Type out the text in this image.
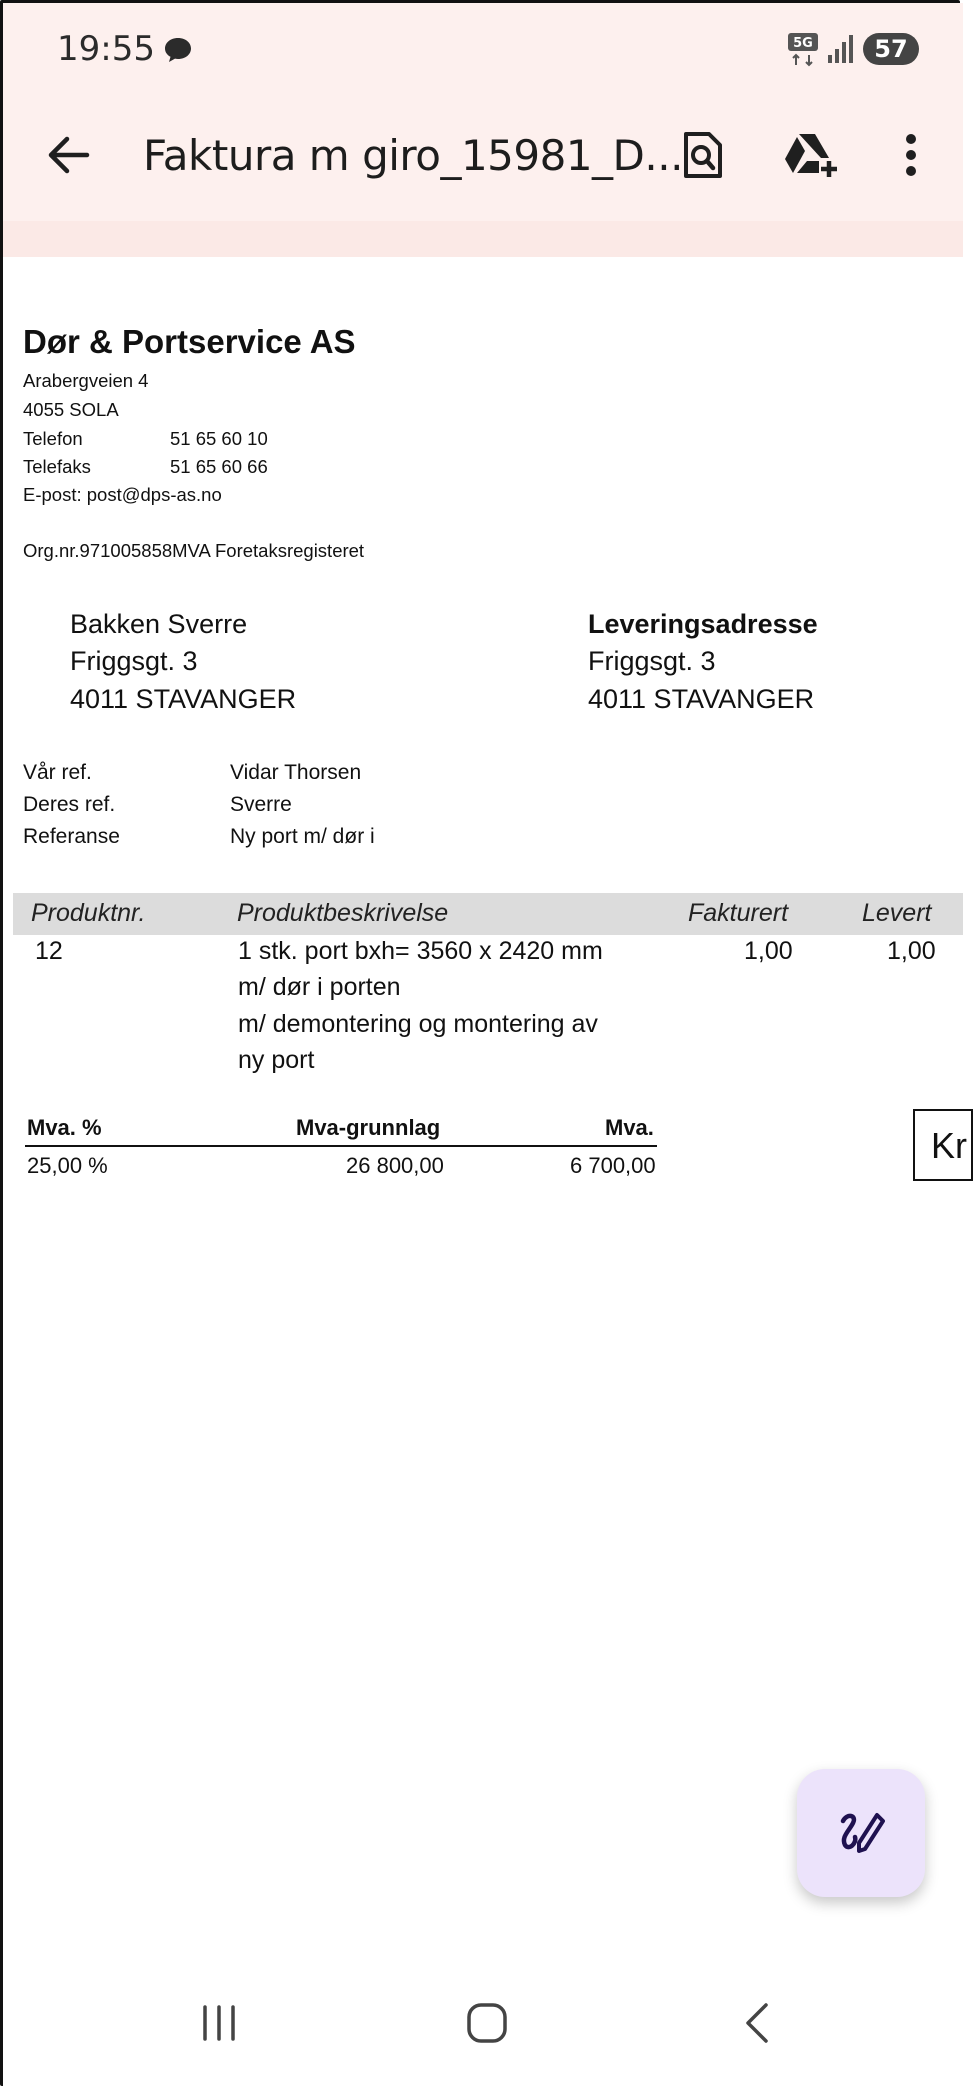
19:55	5G	57
Faktura m giro_15981_D...
Dør & Portservice AS
Arabergveien 4
4055 SOLA
Telefon	51 65 60 10
Telefaks	51 65 60 66
E-post: post@dps-as.no
Org.nr.971005858MVA Foretaksregisteret
Bakken Sverre
Friggsgt. 3
4011 STAVANGER
Leveringsadresse
Friggsgt. 3
4011 STAVANGER
Vår ref.	Vidar Thorsen
Deres ref.	Sverre
Referanse	Ny port m/ dør i
Produktnr.	Produktbeskrivelse	Fakturert	Levert
12	1 stk. port bxh= 3560 x 2420 mm
m/ dør i porten
m/ demontering og montering av
ny port
1,00	1,00
Mva. %	Mva-grunnlag	Mva.
25,00 %	26 800,00	6 700,00	Kr
